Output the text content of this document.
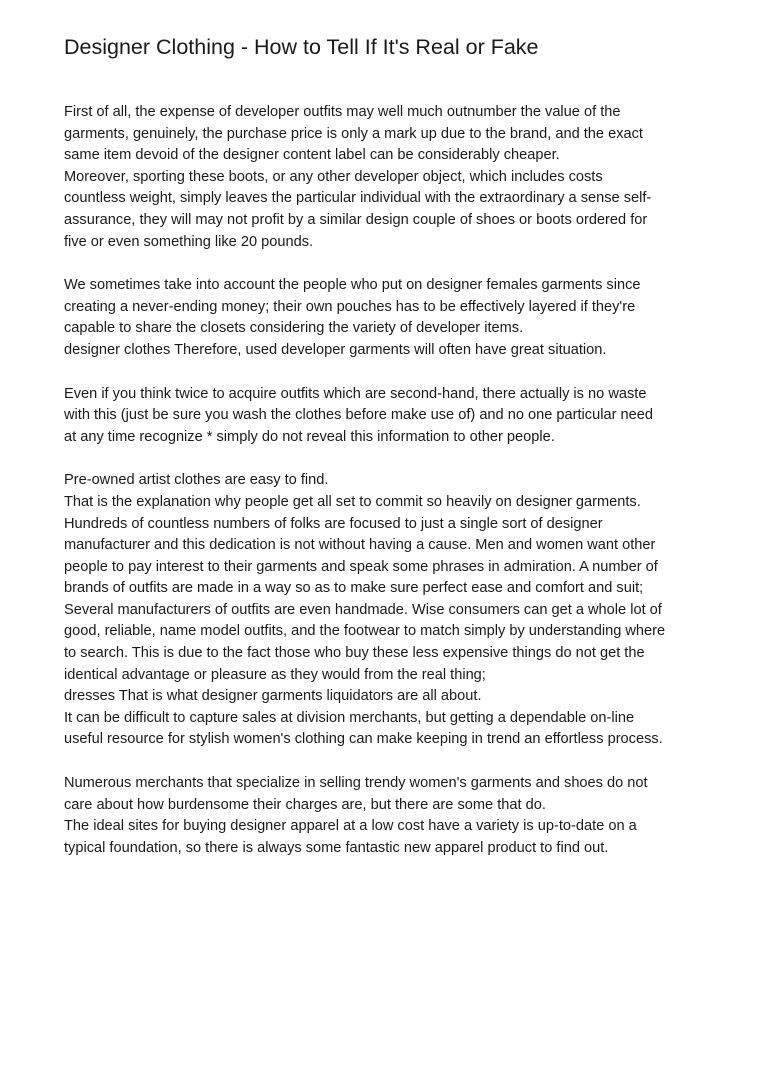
Designer Clothing - How to Tell If It's Real or Fake

First of all, the expense of developer outfits may well much outnumber the value of the
garments, genuinely, the purchase price is only a mark up due to the brand, and the exact
same item devoid of the designer content label can be considerably cheaper.
Moreover, sporting these boots, or any other developer object, which includes costs
countless weight, simply leaves the particular individual with the extraordinary a sense self-
assurance, they will may not profit by a similar design couple of shoes or boots ordered for
five or even something like 20 pounds.

We sometimes take into account the people who put on designer females garments since
creating a never-ending money; their own pouches has to be effectively layered if they're
capable to share the closets considering the variety of developer items.
designer clothes Therefore, used developer garments will often have great situation.

Even if you think twice to acquire outfits which are second-hand, there actually is no waste
with this (just be sure you wash the clothes before make use of) and no one particular need
at any time recognize * simply do not reveal this information to other people.

Pre-owned artist clothes are easy to find.
That is the explanation why people get all set to commit so heavily on designer garments.
Hundreds of countless numbers of folks are focused to just a single sort of designer
manufacturer and this dedication is not without having a cause. Men and women want other
people to pay interest to their garments and speak some phrases in admiration. A number of
brands of outfits are made in a way so as to make sure perfect ease and comfort and suit;
Several manufacturers of outfits are even handmade. Wise consumers can get a whole lot of
good, reliable, name model outfits, and the footwear to match simply by understanding where
to search. This is due to the fact those who buy these less expensive things do not get the
identical advantage or pleasure as they would from the real thing;
dresses That is what designer garments liquidators are all about.
It can be difficult to capture sales at division merchants, but getting a dependable on-line
useful resource for stylish women's clothing can make keeping in trend an effortless process.

Numerous merchants that specialize in selling trendy women's garments and shoes do not
care about how burdensome their charges are, but there are some that do.
The ideal sites for buying designer apparel at a low cost have a variety is up-to-date on a
typical foundation, so there is always some fantastic new apparel product to find out.
